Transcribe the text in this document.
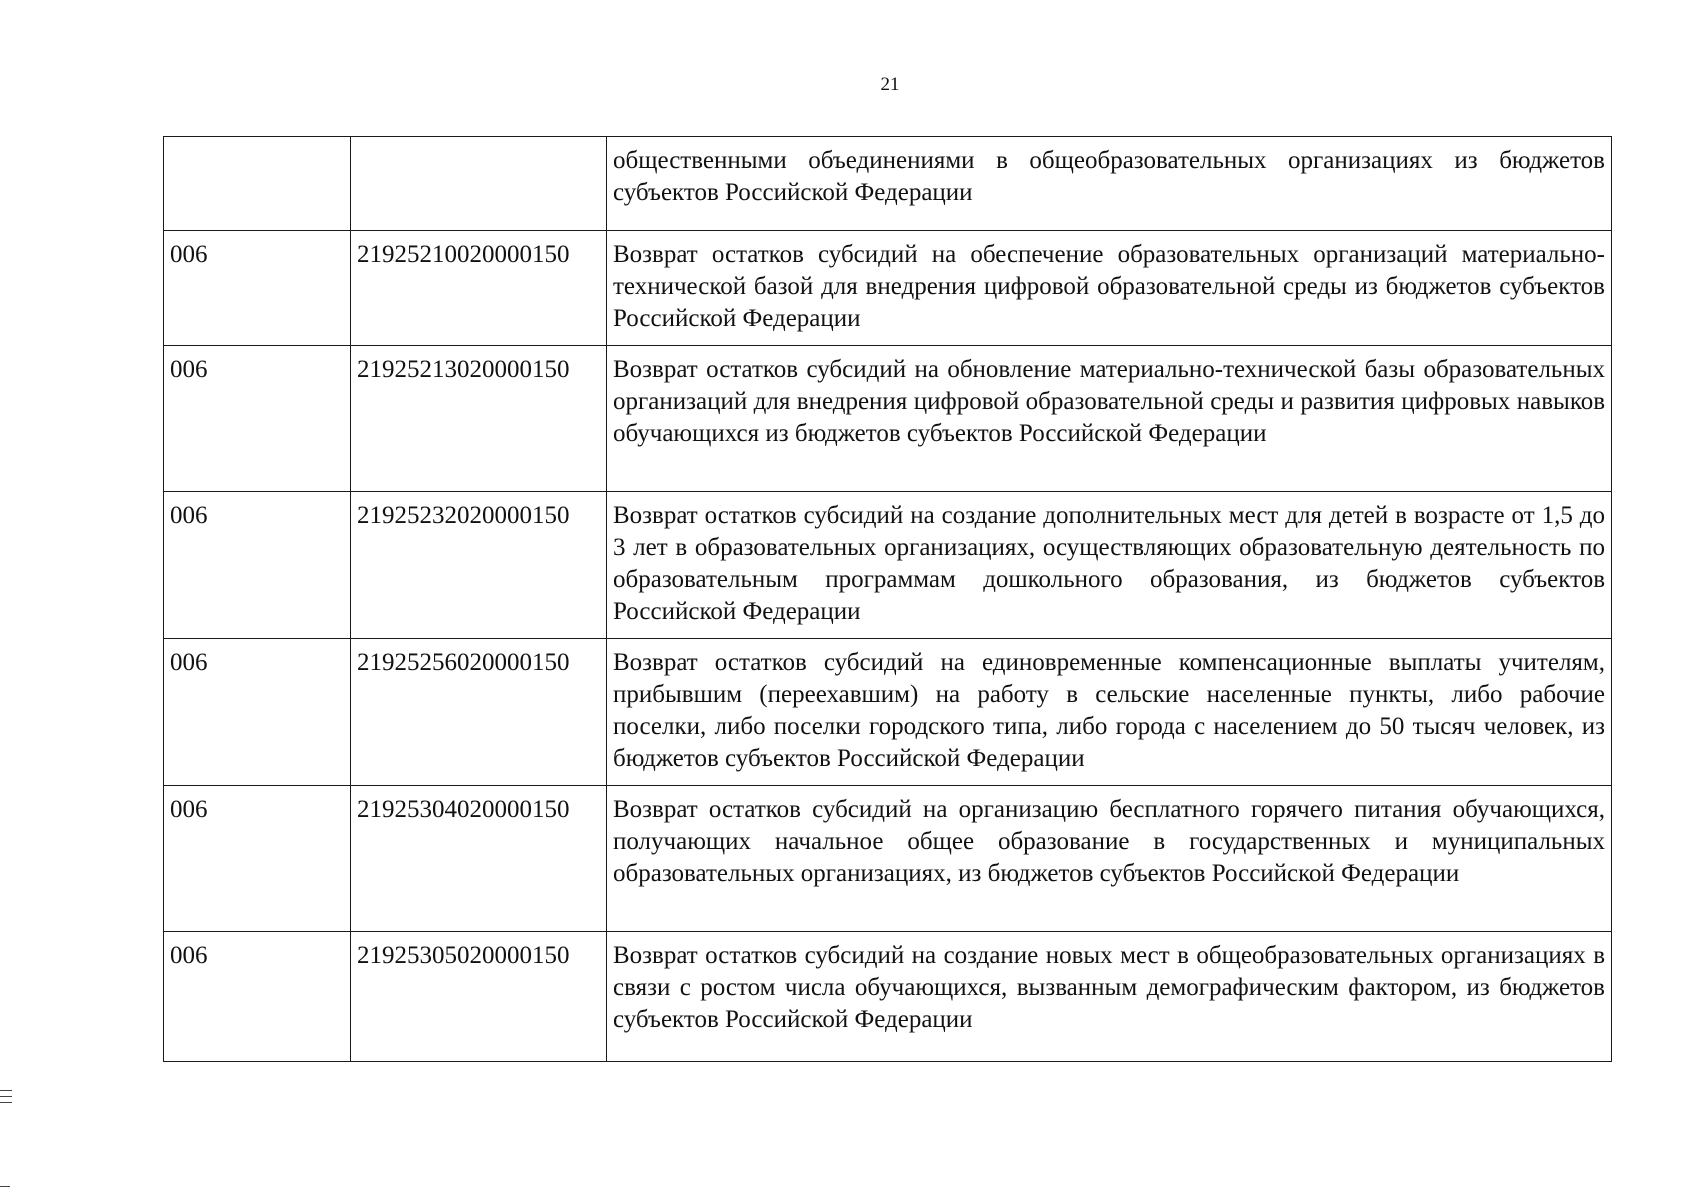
21
		общественными объединениями в общеобразовательных организациях из бюджетов субъектов Российской Федерации
006	21925210020000150	Возврат остатков субсидий на обеспечение образовательных организаций материально-технической базой для внедрения цифровой образовательной среды из бюджетов субъектов Российской Федерации
006	21925213020000150	Возврат остатков субсидий на обновление материально-технической базы образовательных организаций для внедрения цифровой образовательной среды и развития цифровых навыков обучающихся из бюджетов субъектов Российской Федерации
006	21925232020000150	Возврат остатков субсидий на создание дополнительных мест для детей в возрасте от 1,5 до 3 лет в образовательных организациях, осуществляющих образовательную деятельность по образовательным программам дошкольного образования, из бюджетов субъектов Российской Федерации
006	21925256020000150	Возврат остатков субсидий на единовременные компенсационные выплаты учителям, прибывшим (переехавшим) на работу в сельские населенные пункты, либо рабочие поселки, либо поселки городского типа, либо города с населением до 50 тысяч человек, из бюджетов субъектов Российской Федерации
006	21925304020000150	Возврат остатков субсидий на организацию бесплатного горячего питания обучающихся, получающих начальное общее образование в государственных и муниципальных образовательных организациях, из бюджетов субъектов Российской Федерации
006	21925305020000150	Возврат остатков субсидий на создание новых мест в общеобразовательных организациях в связи с ростом числа обучающихся, вызванным демографическим фактором, из бюджетов субъектов Российской Федерации
